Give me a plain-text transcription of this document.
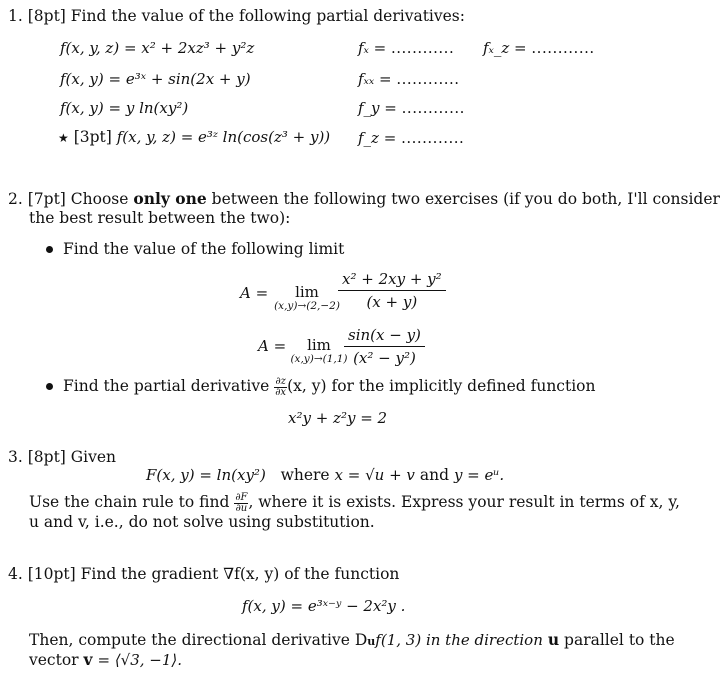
1. [8pt] Find the value of the following partial derivatives:
f(x, y, z) = x² + 2xz³ + y²z	fₓ = ............ fₓ_z = ............
f(x, y) = e³ˣ + sin(2x + y)	fₓₓ = ............
f(x, y) = y ln(xy²)	f_y = ............
★ [3pt] f(x, y, z) = e³ᶻ ln(cos(z³ + y)) f_z = ............
2. [7pt] Choose only one between the following two exercises (if you do both, I'll consider
the best result between the two):
Find the value of the following limit
A =	lim
(x,y)→(2,−2)
$\frac{\text{x² + 2xy + y²}}{(x + y)}$
A =	lim
(x,y)→(1,1)
$\frac{\sin(x - y)}{\text{(x² − y²)}}$
Find the partial derivative $\frac{\partial z}{\partial x} (x$, y) for the implicitly defined function
x²y + z²y = 2
3. [8pt] Given
F(x, y) = ln(xy²) where x = √u + v and y = eᵘ.
Use the chain rule to find $\frac{\partial F}{\partial u}$ , where it is exists. Express your result in terms of x, y,
u and v, i.e., do not solve using substitution.
4. [10pt] Find the gradient ∇f(x, y) of the function
f(x, y) = e³ˣ⁻ʸ − 2x²y .
Then, compute the directional derivative Duf(1, 3) in the direction u parallel to the
vector v = ⟨√3, −1⟩.
